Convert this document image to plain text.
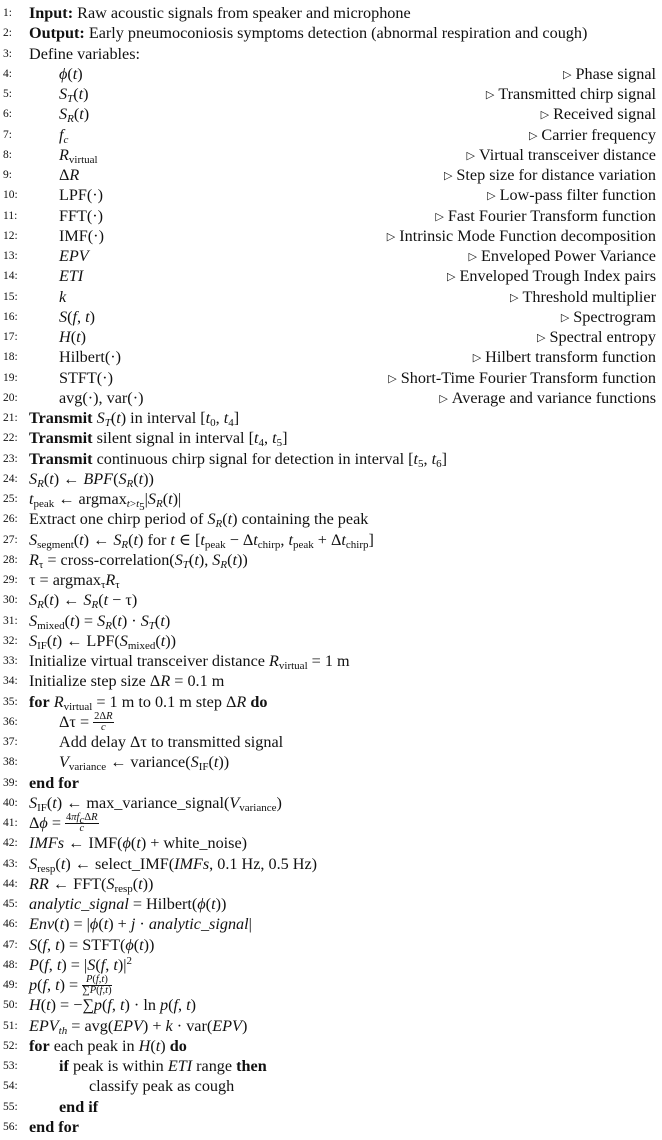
1:	Input: Raw acoustic signals from speaker and microphone
2:	Output: Early pneumoconiosis symptoms detection (abnormal respiration and cough)
3:	Define variables:
4:	ϕ(t)	▷ Phase signal
5:	$S_T(t)$	▷ Transmitted chirp signal
6:	$S_R(t)$	▷ Received signal
7:	$f_c$	▷ Carrier frequency
8:	$R_{virtual}$	▷ Virtual transceiver distance
9:	ΔR	▷ Step size for distance variation
10:	LPF(·)	▷ Low-pass filter function
11:	FFT(·)	▷ Fast Fourier Transform function
12:	IMF(·)	▷ Intrinsic Mode Function decomposition
13:	EPV	▷ Enveloped Power Variance
14:	ETI	▷ Enveloped Trough Index pairs
15:	k	▷ Threshold multiplier
16:	S(f, t)	▷ Spectrogram
17:	H(t)	▷ Spectral entropy
18:	Hilbert(·)	▷ Hilbert transform function
19:	STFT(·)	▷ Short-Time Fourier Transform function
20:	avg(·), var(·)	▷ Average and variance functions
21: Transmit $S_T(t)$ in interval [$t_0$, $t_4$]
22: Transmit silent signal in interval [$t_4$, $t_5$]
23: Transmit continuous chirp signal for detection in interval [$t_5$, $t_6$]
24: $S_R(t)$ ← $BPF(S_R(t))$
25: $t_{peak}$ ← $argmax_{t>t_5}|S_R(t)|$
26: Extract one chirp period of $S_R(t)$ containing the peak
27: $S_{segment}(t)$ ← $S_R(t)$ for t ∈ [$t_{peak} - \Delta t_{chirp}$, $t_{peak} + \Delta t_{chirp}$]
28: $R_\tau$ = cross-$correlation(S_T(t)$, $S_R(t)$)
29: $\tau = argmax_\tau R_\tau$
30: $S_R(t)$ ← $S_R(t - \tau)$
31: $S_{mixed}(t) = S_R(t) \cdot S_T(t)$
32: $S_{IF}(t)$ ← $LPF(S_{mixed}(t))$
33: Initialize virtual transceiver distance $R_{virtual} = 1$ m
34: Initialize step size ΔR = 0.1 m
35: for $R_{virtual} = 1$ m to 0.1 m step ΔR do
36:	$\Delta\tau = \frac{2\Delta R}{c}$
37:	Add delay Δτ to transmitted signal
38:	$V_{variance}$ ← $variance(S_{IF}(t))$
39: end for
40: $S_{IF}(t)$ ← $\max\_variance\_signal(V_{variance})$
41: $\Delta\phi = \frac{4\pi f_c\Delta R}{c}$
42: IMFs ← IMF(ϕ(t) + white_noise)
43: $S_{resp}(t)$ ← select_IMF(IMFs, 0.1 Hz, 0.5 Hz)
44: RR ← $FFT(S_{resp}(t))$
45: analytic_signal = Hilbert(ϕ(t))
46: Env(t) = |ϕ(t) + j · analytic_signal|
47: S(f, t) = STFT(ϕ(t))
48: P(f, t) = |S(f, $t)|^2$
49: p(f, $t) = \frac{P(f,t)}{\sum P(f,t)}$
50: H(t) = −∑p(f, t) · ln p(f, t)
51: $EPV_{th} = avg(EPV) + k \cdot var(EPV)$
52: for each peak in H(t) do
53:	if peak is within ETI range then
54:	classify peak as cough
55:	end if
56: end for
